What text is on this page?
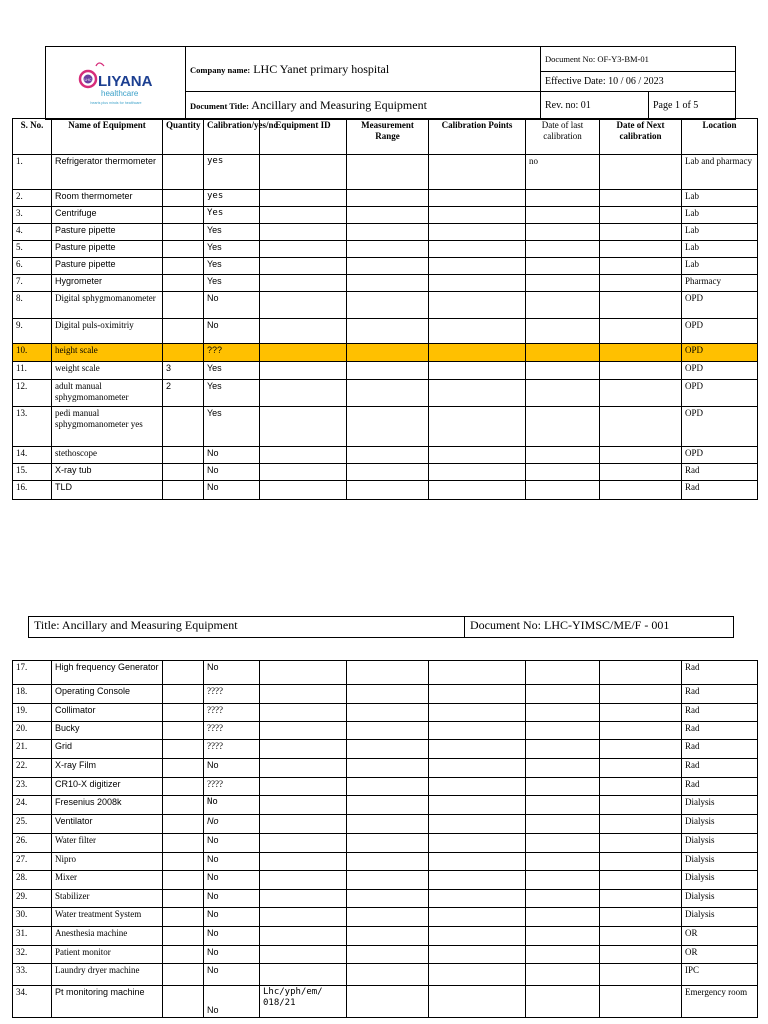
LHC LIYANA
healthcare
hearts plus minds for healthcare	Company name: LHC Yanet primary hospital	Document No: OF-Y3-BM-01	
		Effective Date: 10 / 06 / 2023	
	Document Title: Ancillary and Measuring Equipment	Rev. no: 01	Page 1 of 5
S. No.	Name of Equipment	Quantity	Calibration/yes/no	Equipment ID	Measurement Range	Calibration Points	Date of last calibration	Date of Next calibration	Location
1.	Refrigerator thermometer		yes				no		Lab and pharmacy
2.	Room thermometer		yes						Lab
3.	Centrifuge		Yes						Lab
4.	Pasture pipette		Yes						Lab
5.	Pasture pipette		Yes						Lab
6.	Pasture pipette		Yes						Lab
7.	Hygrometer		Yes						Pharmacy
8.	Digital sphygmomanometer		No						OPD
9.	Digital puls-oximitriy		No						OPD
10.	height scale		???						OPD
11.	weight scale	3	Yes						OPD
12.	adult manual sphygmomanometer	2	Yes						OPD
13.	pedi manual sphygmomanometer yes		Yes						OPD
14.	stethoscope		No						OPD
15.	X-ray tub		No						Rad
16.	TLD		No						Rad
Title: Ancillary and Measuring Equipment	Document No: LHC-YIMSC/ME/F - 001
17.	High frequency Generator		No						Rad
18.	Operating Console		????						Rad
19.	Collimator		????						Rad
20.	Bucky		????						Rad
21.	Grid		????						Rad
22.	X-ray Film		No						Rad
23.	CR10-X digitizer		????						Rad
24.	Fresenius 2008k		No						Dialysis
25.	Ventilator		No						Dialysis
26.	Water filter		No						Dialysis
27.	Nipro		No						Dialysis
28.	Mixer		No						Dialysis
29.	Stabilizer		No						Dialysis
30.	Water treatment System		No						Dialysis
31.	Anesthesia machine		No						OR
32.	Patient monitor		No						OR
33.	Laundry dryer machine		No						IPC
34.	Pt monitoring machine		No	Lhc/yph/em/ 018/21					Emergency room
